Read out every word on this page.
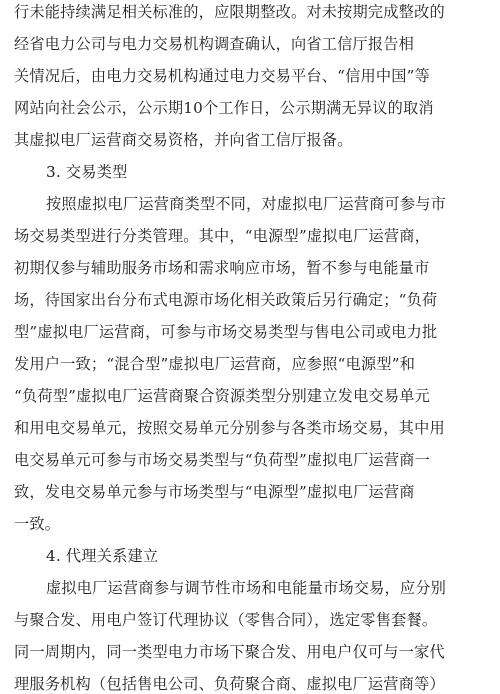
行未能持续满足相关标准的，应限期整改。对未按期完成整改的
经省电力公司与电力交易机构调查确认，向省工信厅报告相
关情况后，由电力交易机构通过电力交易平台、“信用中国”等
网站向社会公示，公示期10个工作日，公示期满无异议的取消
其虚拟电厂运营商交易资格，并向省工信厅报备。
3. 交易类型
按照虚拟电厂运营商类型不同，对虚拟电厂运营商可参与市
场交易类型进行分类管理。其中，“电源型”虚拟电厂运营商，
初期仅参与辅助服务市场和需求响应市场，暂不参与电能量市
场，待国家出台分布式电源市场化相关政策后另行确定；“负荷
型”虚拟电厂运营商，可参与市场交易类型与售电公司或电力批
发用户一致；“混合型”虚拟电厂运营商，应参照“电源型”和
“负荷型”虚拟电厂运营商聚合资源类型分别建立发电交易单元
和用电交易单元，按照交易单元分别参与各类市场交易，其中用
电交易单元可参与市场交易类型与“负荷型”虚拟电厂运营商一
致，发电交易单元参与市场类型与“电源型”虚拟电厂运营商
一致。
4. 代理关系建立
虚拟电厂运营商参与调节性市场和电能量市场交易，应分别
与聚合发、用电户签订代理协议（零售合同），选定零售套餐。
同一周期内，同一类型电力市场下聚合发、用电户仅可与一家代
理服务机构（包括售电公司、负荷聚合商、虚拟电厂运营商等）
